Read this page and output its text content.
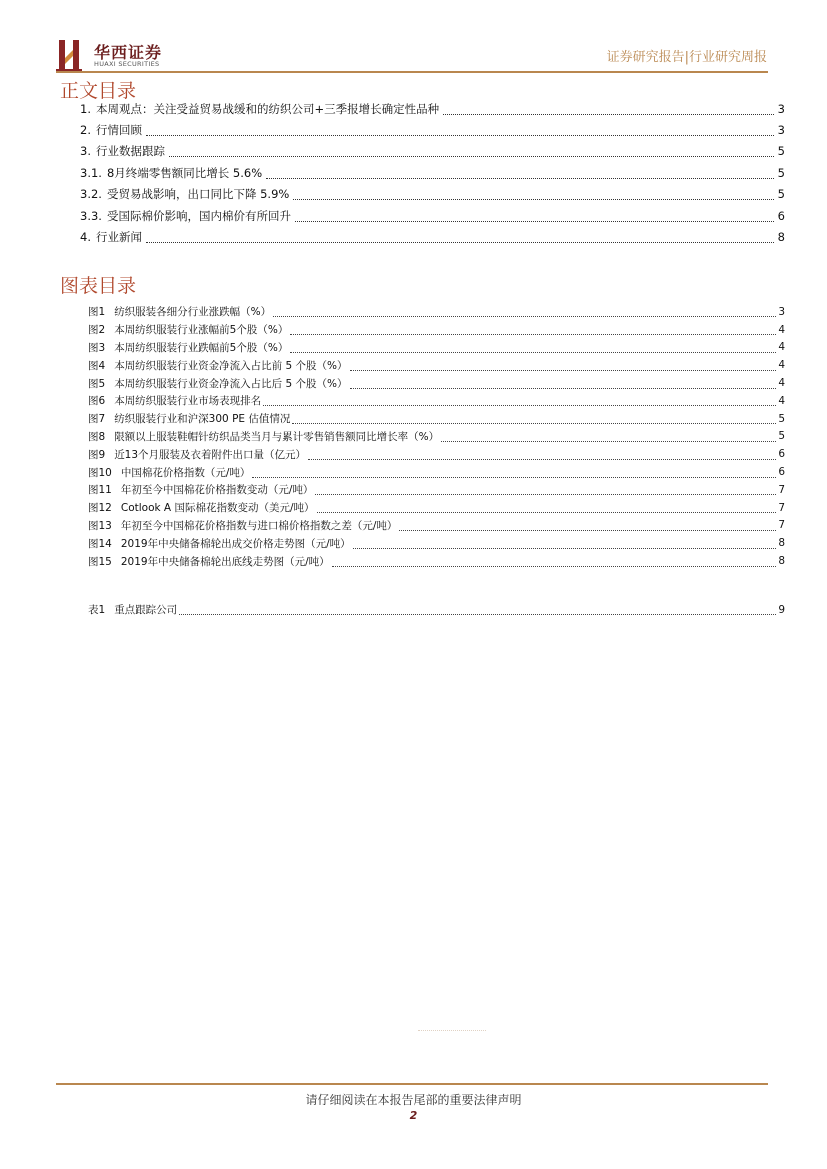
华西证券
HUAXI SECURITIES	证券研究报告|行业研究周报
正文目录
1. 本周观点：关注受益贸易战缓和的纺织公司+三季报增长确定性品种	3
2. 行情回顾	3
3. 行业数据跟踪	5
3.1. 8月终端零售额同比增长 5.6%	5
3.2. 受贸易战影响，出口同比下降 5.9%	5
3.3. 受国际棉价影响，国内棉价有所回升	6
4. 行业新闻	8
图表目录
图1 纺织服装各细分行业涨跌幅（%）	3
图2 本周纺织服装行业涨幅前5个股（%）	4
图3 本周纺织服装行业跌幅前5个股（%）	4
图4 本周纺织服装行业资金净流入占比前 5 个股（%）	4
图5 本周纺织服装行业资金净流入占比后 5 个股（%）	4
图6 本周纺织服装行业市场表现排名	4
图7 纺织服装行业和沪深300 PE 估值情况	5
图8 限额以上服装鞋帽针纺织品类当月与累计零售销售额同比增长率（%）	5
图9 近13个月服装及衣着附件出口量（亿元）	6
图10 中国棉花价格指数（元/吨）	6
图11 年初至今中国棉花价格指数变动（元/吨）	7
图12 Cotlook A 国际棉花指数变动（美元/吨）	7
图13 年初至今中国棉花价格指数与进口棉价格指数之差（元/吨）	7
图14 2019年中央储备棉轮出成交价格走势图（元/吨）	8
图15 2019年中央储备棉轮出底线走势图（元/吨）	8
表1 重点跟踪公司	9
请仔细阅读在本报告尾部的重要法律声明
2
